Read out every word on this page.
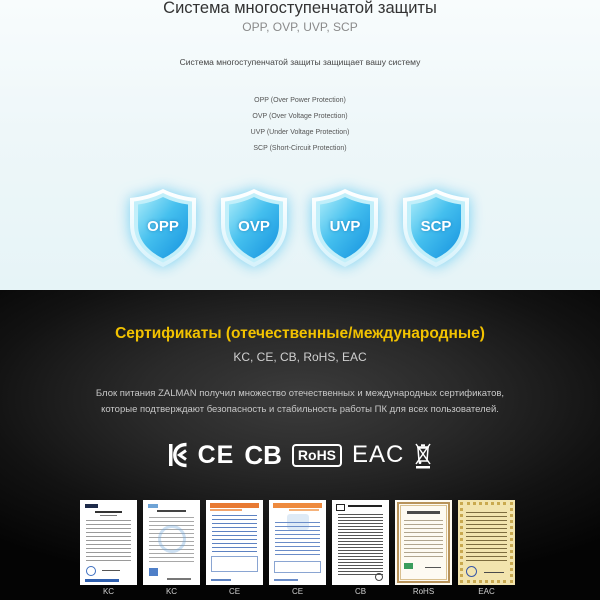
Система многоступенчатой защиты
OPP, OVP, UVP, SCP
Система многоступенчатой защиты защищает вашу систему
OPP (Over Power Protection)
OVP (Over Voltage Protection)
UVP (Under Voltage Protection)
SCP (Short-Circuit Protection)
OPP	OVP	UVP	SCP
Сертификаты (отечественные/международные)
KC, CE, CB, RoHS, EAC
Блок питания ZALMAN получил множество отечественных и международных сертификатов,
которые подтверждают безопасность и стабильность работы ПК для всех пользователей.
CE CB	RoHS EAC
KC	KC	CE	CE	CB	RoHS	EAC
